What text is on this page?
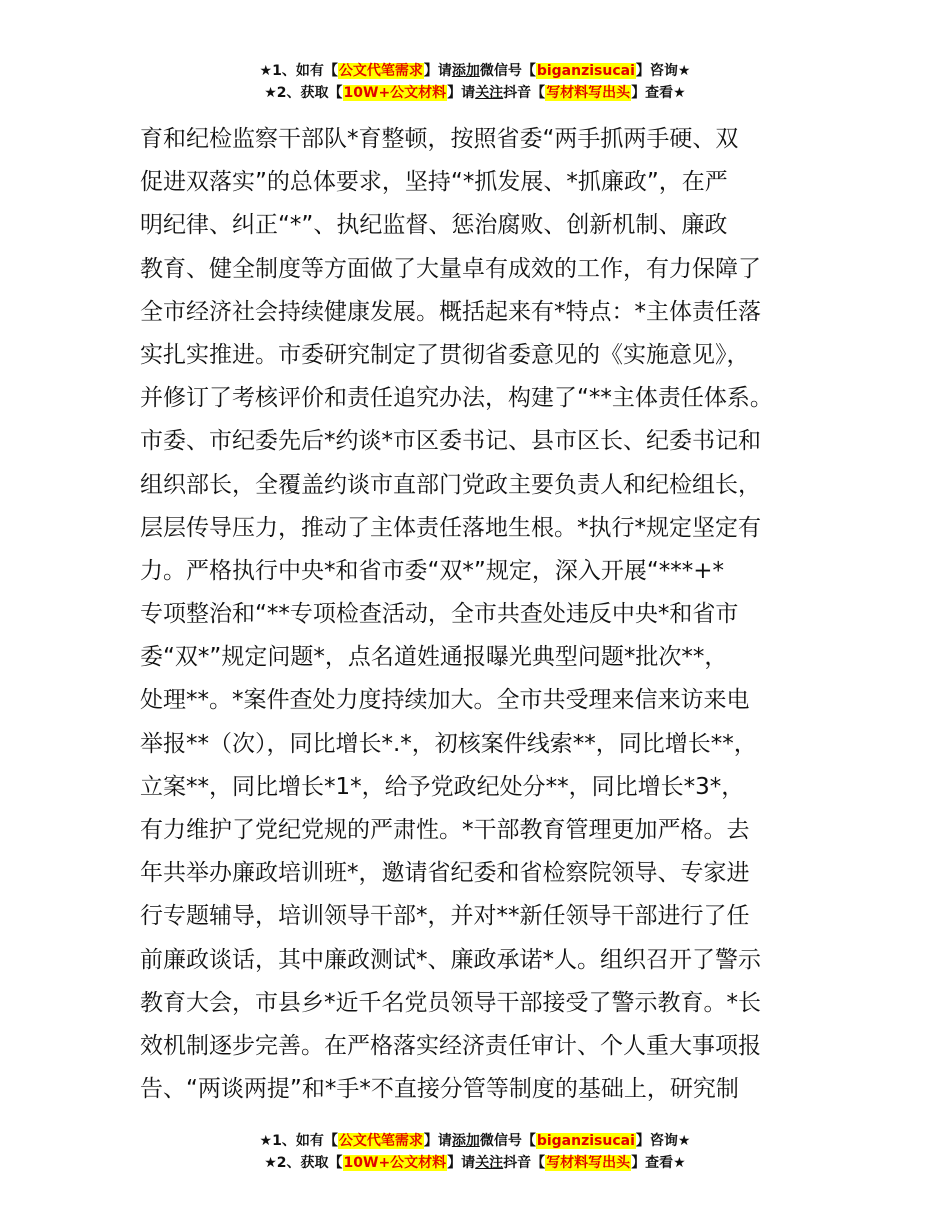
★1、如有【公文代笔需求】请添加微信号【biganzisucai】咨询★
★2、获取【10W+公文材料】请关注抖音【写材料写出头】查看★
育和纪检监察干部队*育整顿，按照省委“两手抓两手硬、双
促进双落实”的总体要求，坚持“*抓发展、*抓廉政”，在严
明纪律、纠正“*”、执纪监督、惩治腐败、创新机制、廉政
教育、健全制度等方面做了大量卓有成效的工作，有力保障了
全市经济社会持续健康发展。概括起来有*特点：*主体责任落
实扎实推进。市委研究制定了贯彻省委意见的《实施意见》，
并修订了考核评价和责任追究办法，构建了“**主体责任体系。
市委、市纪委先后*约谈*市区委书记、县市区长、纪委书记和
组织部长，全覆盖约谈市直部门党政主要负责人和纪检组长，
层层传导压力，推动了主体责任落地生根。*执行*规定坚定有
力。严格执行中央*和省市委“双*”规定，深入开展“***+*
专项整治和“**专项检查活动，全市共查处违反中央*和省市
委“双*”规定问题*，点名道姓通报曝光典型问题*批次**，
处理**。*案件查处力度持续加大。全市共受理来信来访来电
举报**（次），同比增长*.*，初核案件线索**，同比增长**，
立案**，同比增长*1*，给予党政纪处分**，同比增长*3*，
有力维护了党纪党规的严肃性。*干部教育管理更加严格。去
年共举办廉政培训班*，邀请省纪委和省检察院领导、专家进
行专题辅导，培训领导干部*，并对**新任领导干部进行了任
前廉政谈话，其中廉政测试*、廉政承诺*人。组织召开了警示
教育大会，市县乡*近千名党员领导干部接受了警示教育。*长
效机制逐步完善。在严格落实经济责任审计、个人重大事项报
告、“两谈两提”和*手*不直接分管等制度的基础上，研究制
★1、如有【公文代笔需求】请添加微信号【biganzisucai】咨询★
★2、获取【10W+公文材料】请关注抖音【写材料写出头】查看★
